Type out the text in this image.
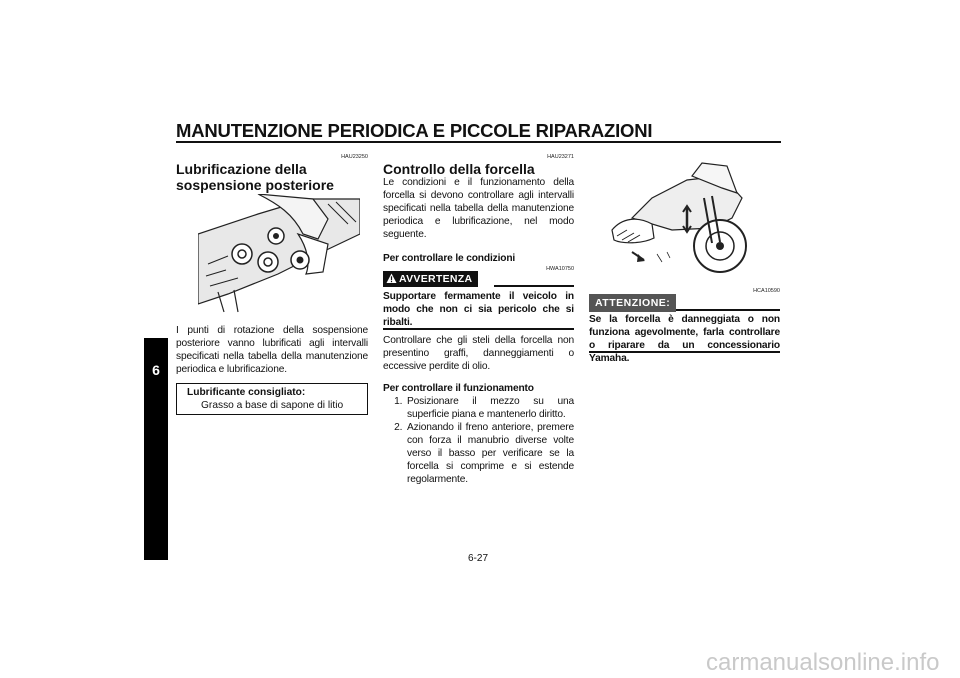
MANUTENZIONE PERIODICA E PICCOLE RIPARAZIONI
6
HAU23250
Lubrificazione della sospensione posteriore
I punti di rotazione della sospensione posteriore vanno lubrificati agli intervalli specificati nella tabella della manutenzione periodica e lubrificazione.
Lubrificante consigliato:
Grasso a base di sapone di litio
HAU23271
Controllo della forcella
Le condizioni e il funzionamento della forcella si devono controllare agli intervalli specificati nella tabella della manutenzione periodica e lubrificazione, nel modo seguente.
Per controllare le condizioni
HWA10750
AVVERTENZA
Supportare fermamente il veicolo in modo che non ci sia pericolo che si ribalti.
Controllare che gli steli della forcella non presentino graffi, danneggiamenti o eccessive perdite di olio.
Per controllare il funzionamento
1. Posizionare il mezzo su una superficie piana e mantenerlo diritto.
2. Azionando il freno anteriore, premere con forza il manubrio diverse volte verso il basso per verificare se la forcella si comprime e si estende regolarmente.
HCA10590
ATTENZIONE:
Se la forcella è danneggiata o non funziona agevolmente, farla controllare o riparare da un concessionario Yamaha.
6-27
carmanualsonline.info
